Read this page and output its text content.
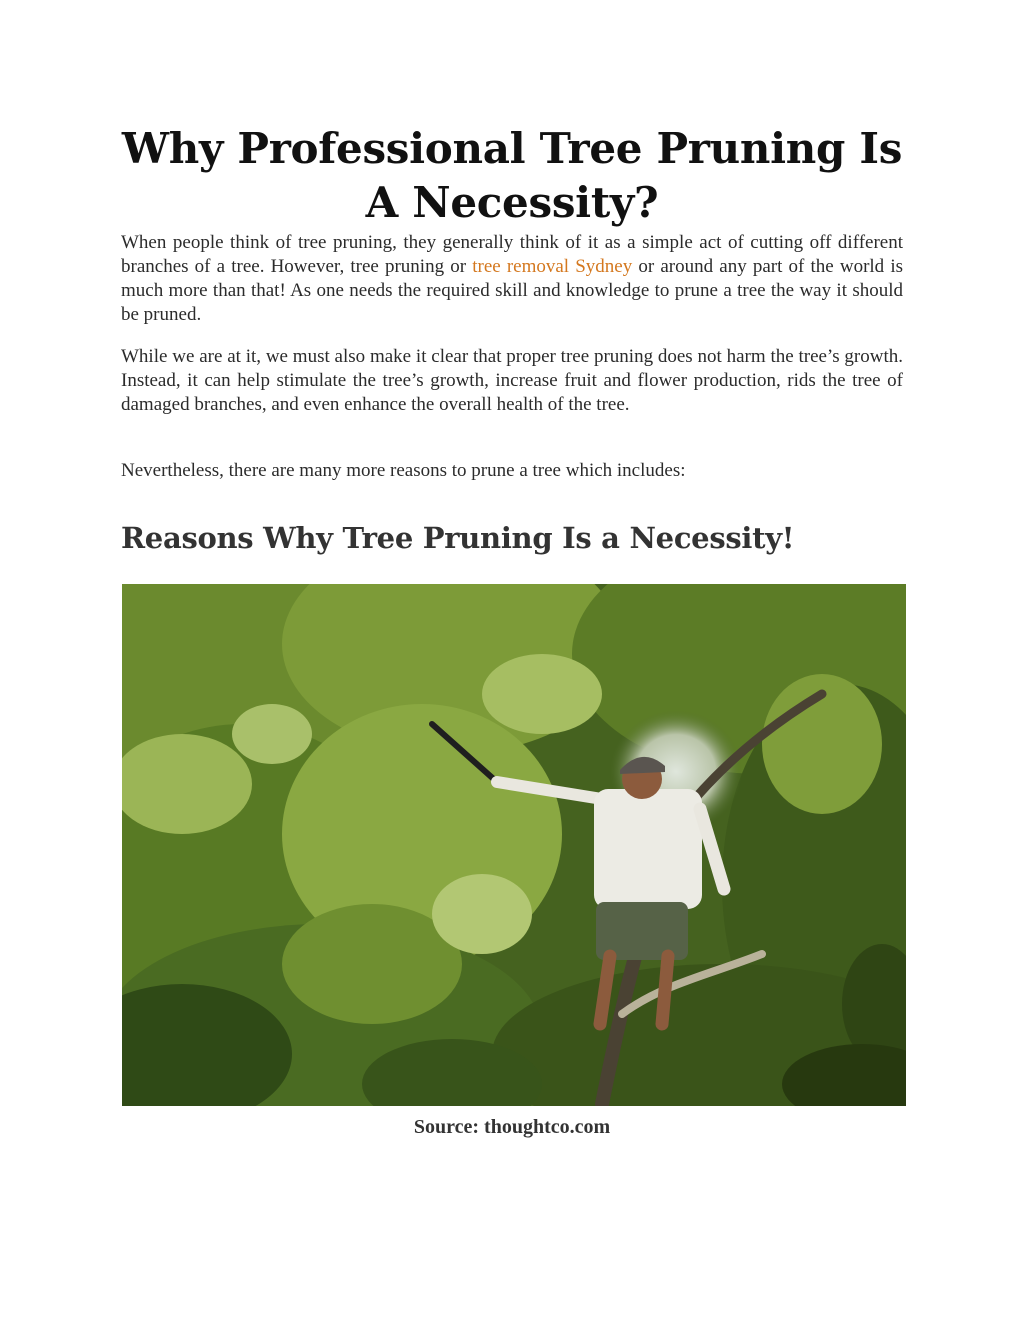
Why Professional Tree Pruning Is
A Necessity?

When people think of tree pruning, they generally think of it as a simple act of cutting off different branches of a tree. However, tree pruning or tree removal Sydney or around any part of the world is much more than that! As one needs the required skill and knowledge to prune a tree the way it should be pruned.

While we are at it, we must also make it clear that proper tree pruning does not harm the tree’s growth. Instead, it can help stimulate the tree’s growth, increase fruit and flower production, rids the tree of damaged branches, and even enhance the overall health of the tree.

Nevertheless, there are many more reasons to prune a tree which includes:

Reasons Why Tree Pruning Is a Necessity!

Source: thoughtco.com
